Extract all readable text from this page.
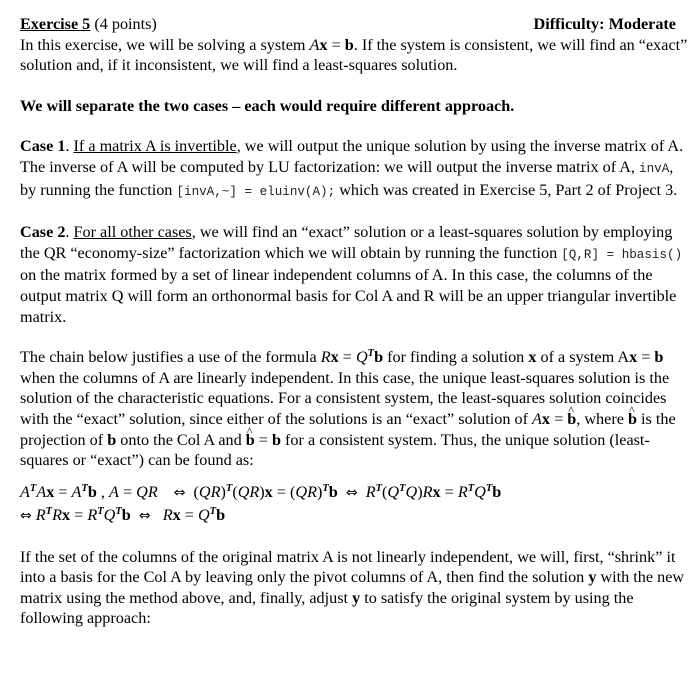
Exercise 5 (4 points)	Difficulty: Moderate

In this exercise, we will be solving a system Ax = b. If the system is consistent, we will find an “exact” solution and, if it inconsistent, we will find a least-squares solution.

We will separate the two cases – each would require different approach.

Case 1. If a matrix A is invertible, we will output the unique solution by using the inverse matrix of A. The inverse of A will be computed by LU factorization: we will output the inverse matrix of A, invA, by running the function [invA,~] = eluinv(A); which was created in Exercise 5, Part 2 of Project 3.

Case 2. For all other cases, we will find an “exact” solution or a least-squares solution by employing the QR “economy-size” factorization which we will obtain by running the function [Q,R] = hbasis() on the matrix formed by a set of linear independent columns of A. In this case, the columns of the output matrix Q will form an orthonormal basis for Col A and R will be an upper triangular invertible matrix.

The chain below justifies a use of the formula $Rx = Q^Tb$ for finding a solution x of a system Ax = b when the columns of A are linearly independent. In this case, the unique least-squares solution is the solution of the characteristic equations. For a consistent system, the least-squares solution coincides with the “exact” solution, since either of the solutions is an “exact” solution of Ax = ^ b, where ^ b is the projection of b onto the Col A and ^ b = b for a consistent system. Thus, the unique solution (least-squares or “exact”) can be found as:

$A^TAx = A^Tb$ , A = QR ⇔  (QR)$^T$(QR)x = (QR)$^T$b ⇔ $R^T(Q^TQ)Rx = R^TQ^Tb$
⇔ $R^TRx = R^TQ^Tb$ ⇔ $Rx = Q^Tb$

If the set of the columns of the original matrix A is not linearly independent, we will, first, “shrink” it into a basis for the Col A by leaving only the pivot columns of A, then find the solution y with the new matrix using the method above, and, finally, adjust y to satisfy the original system by using the following approach:
